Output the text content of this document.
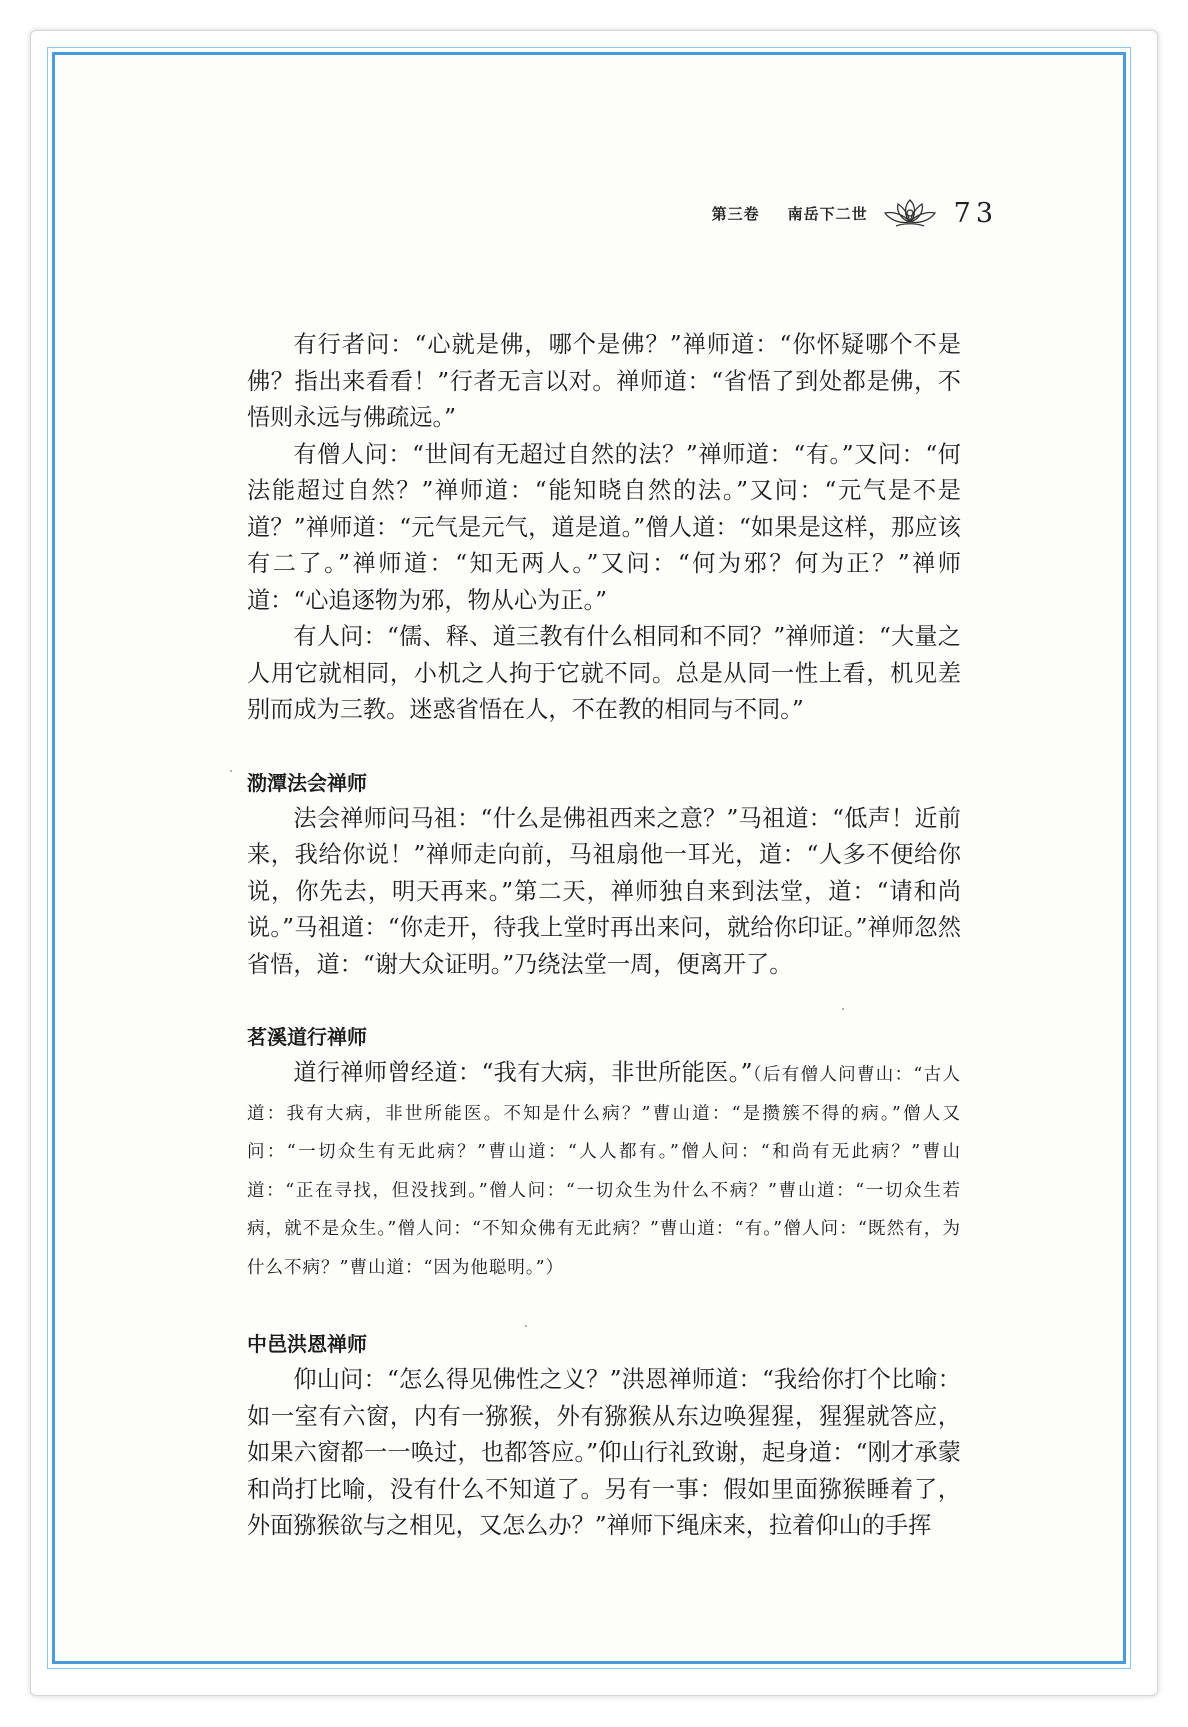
第三卷 南岳下二世	73

有行者问：“心就是佛，哪个是佛？”禅师道：“你怀疑哪个不是佛？指出来看看！”行者无言以对。禅师道：“省悟了到处都是佛，不悟则永远与佛疏远。”

有僧人问：“世间有无超过自然的法？”禅师道：“有。”又问：“何法能超过自然？”禅师道：“能知晓自然的法。”又问：“元气是不是道？”禅师道：“元气是元气，道是道。”僧人道：“如果是这样，那应该有二了。”禅师道：“知无两人。”又问：“何为邪？何为正？”禅师道：“心追逐物为邪，物从心为正。”

有人问：“儒、释、道三教有什么相同和不同？”禅师道：“大量之人用它就相同，小机之人拘于它就不同。总是从同一性上看，机见差别而成为三教。迷惑省悟在人，不在教的相同与不同。”

泐潭法会禅师

法会禅师问马祖：“什么是佛祖西来之意？”马祖道：“低声！近前来，我给你说！”禅师走向前，马祖扇他一耳光，道：“人多不便给你说，你先去，明天再来。”第二天，禅师独自来到法堂，道：“请和尚说。”马祖道：“你走开，待我上堂时再出来问，就给你印证。”禅师忽然省悟，道：“谢大众证明。”乃绕法堂一周，便离开了。

茗溪道行禅师

道行禅师曾经道：“我有大病，非世所能医。”（后有僧人问曹山：“古人道：我有大病，非世所能医。不知是什么病？”曹山道：“是攒簇不得的病。”僧人又问：“一切众生有无此病？”曹山道：“人人都有。”僧人问：“和尚有无此病？”曹山道：“正在寻找，但没找到。”僧人问：“一切众生为什么不病？”曹山道：“一切众生若病，就不是众生。”僧人问：“不知众佛有无此病？”曹山道：“有。”僧人问：“既然有，为什么不病？”曹山道：“因为他聪明。”）

中邑洪恩禅师

仰山问：“怎么得见佛性之义？”洪恩禅师道：“我给你打个比喻：如一室有六窗，内有一猕猴，外有猕猴从东边唤猩猩，猩猩就答应，如果六窗都一一唤过，也都答应。”仰山行礼致谢，起身道：“刚才承蒙和尚打比喻，没有什么不知道了。另有一事：假如里面猕猴睡着了，外面猕猴欲与之相见，又怎么办？”禅师下绳床来，拉着仰山的手挥
